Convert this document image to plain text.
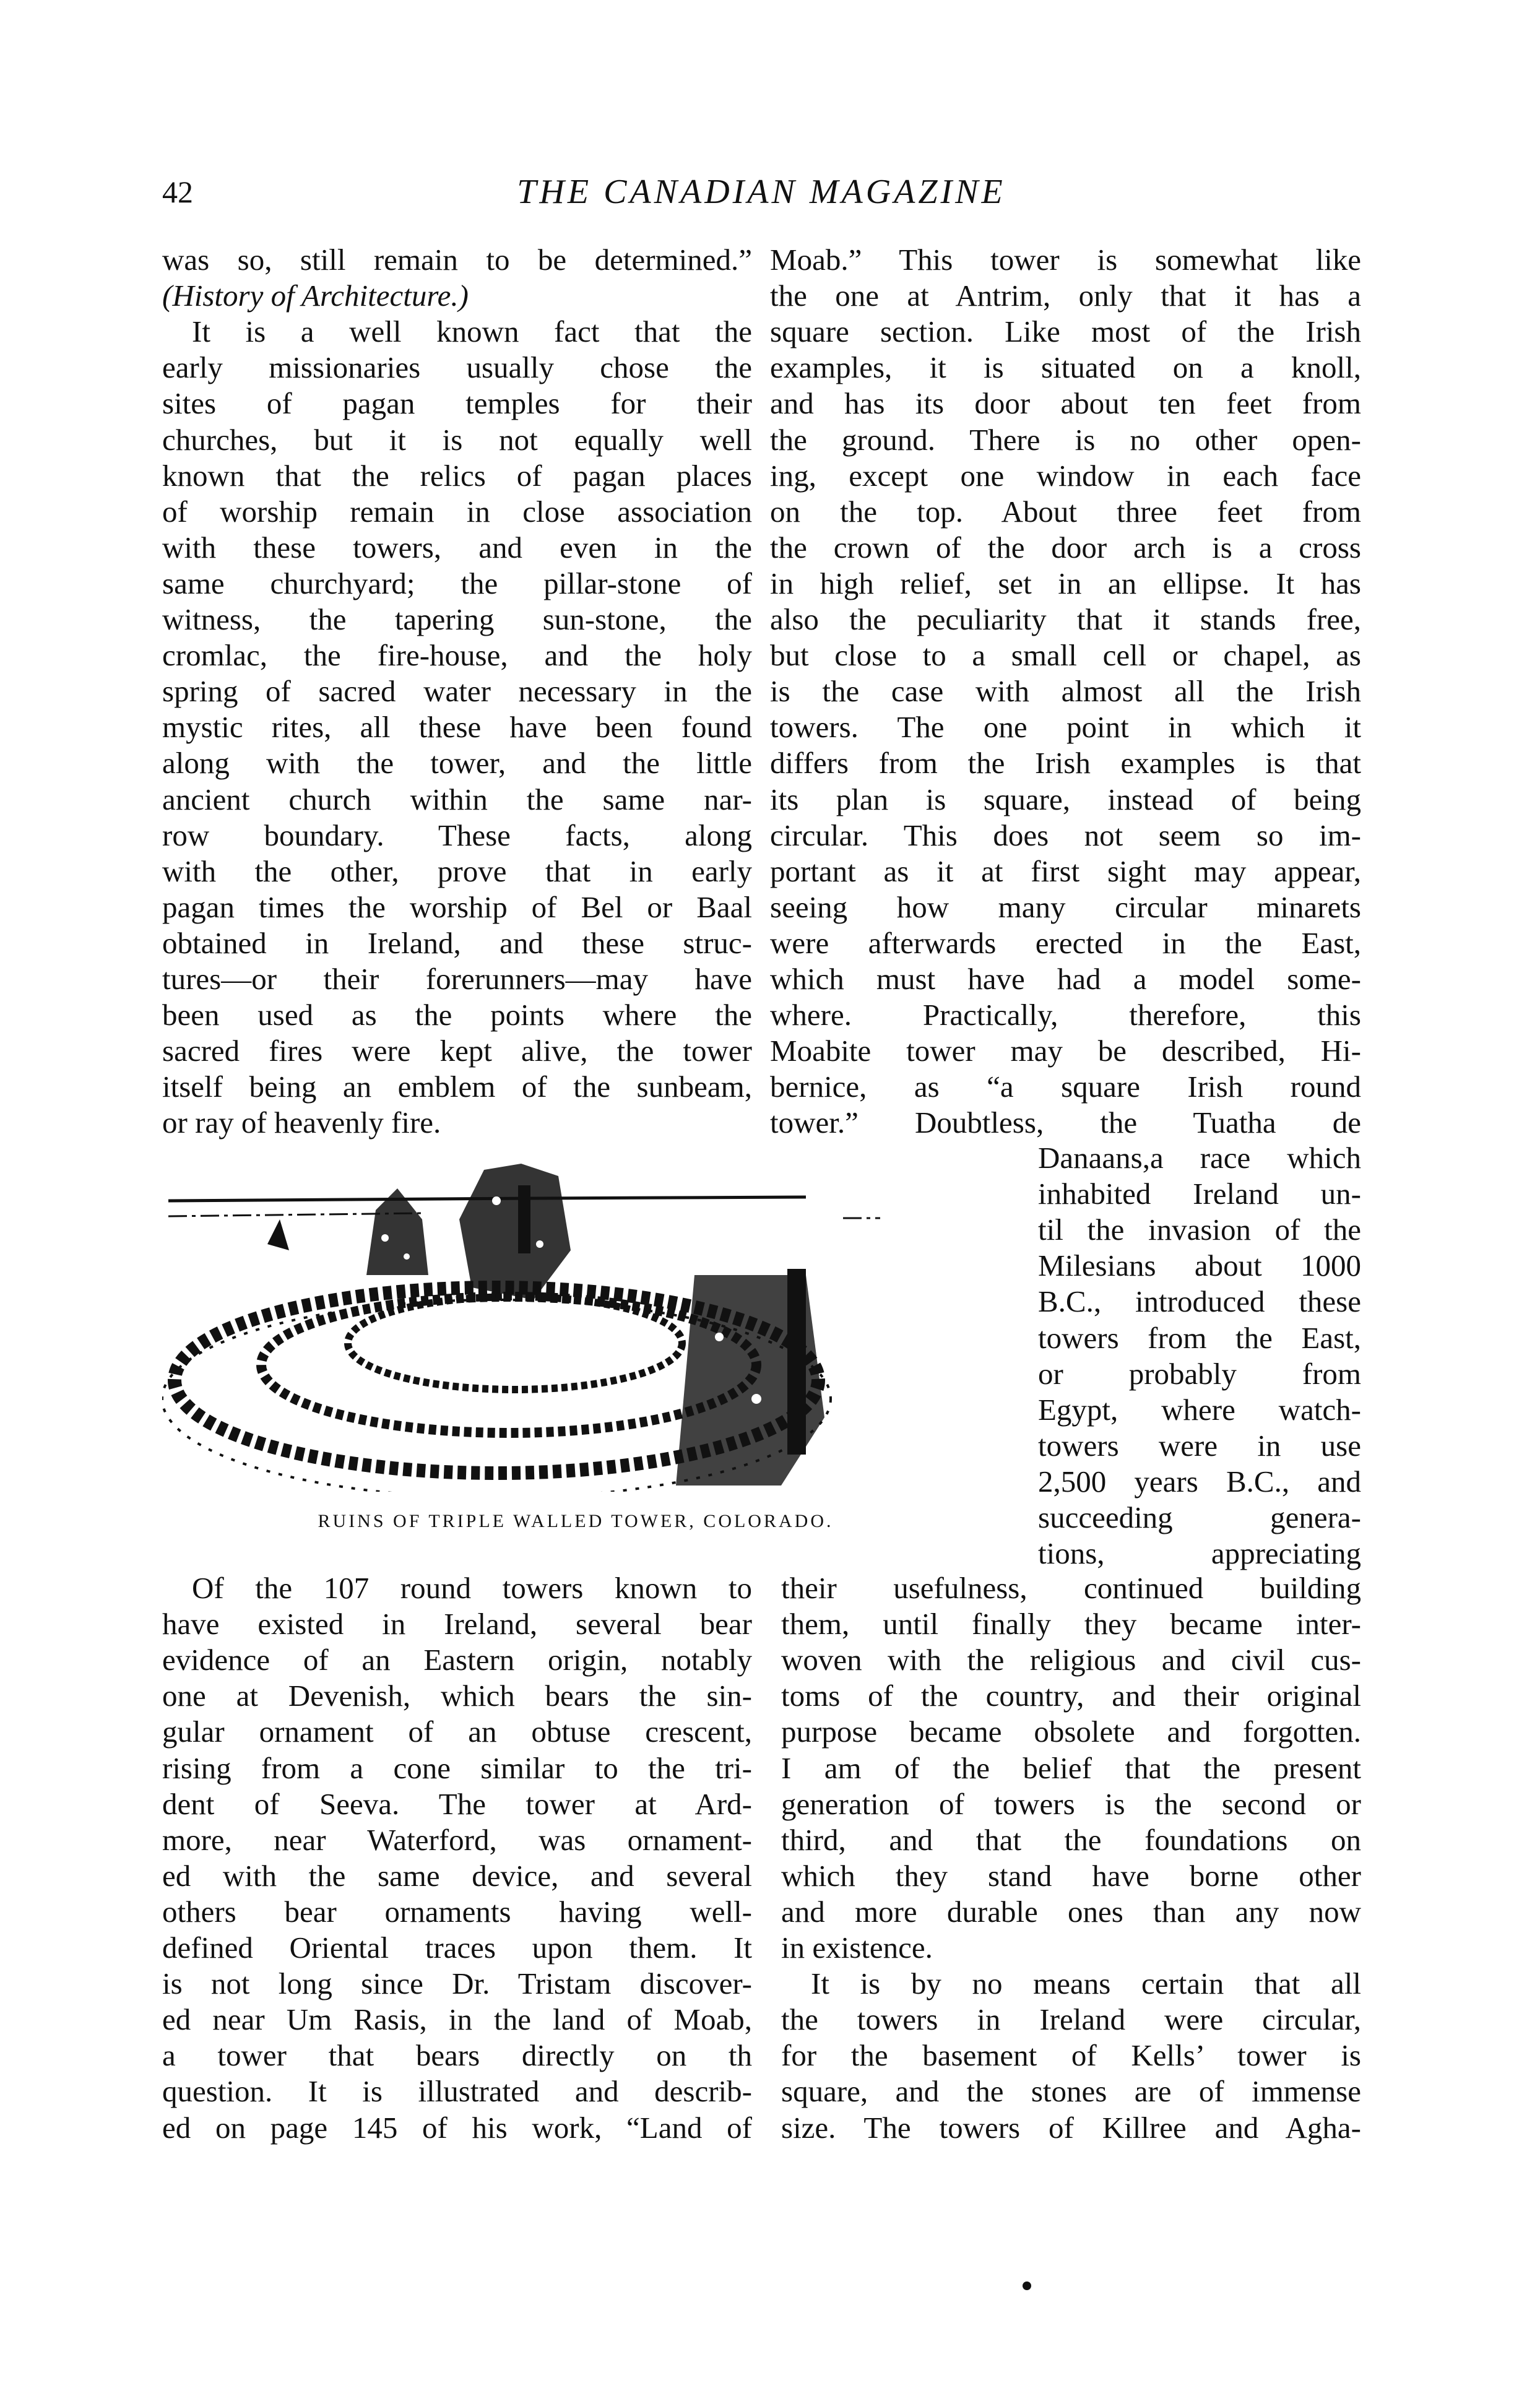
42	THE CANADIAN MAGAZINE
was so, still remain to be determined.”
(History of Architecture.)
It is a well known fact that the
early missionaries usually chose the
sites of pagan temples for their
churches, but it is not equally well
known that the relics of pagan places
of worship remain in close association
with these towers, and even in the
same churchyard; the pillar-stone of
witness, the tapering sun-stone, the
cromlac, the fire-house, and the holy
spring of sacred water necessary in the
mystic rites, all these have been found
along with the tower, and the little
ancient church within the same nar-
row boundary. These facts, along
with the other, prove that in early
pagan times the worship of Bel or Baal
obtained in Ireland, and these struc-
tures—or their forerunners—may have
been used as the points where the
sacred fires were kept alive, the tower
itself being an emblem of the sunbeam,
or ray of heavenly fire.
Moab.” This tower is somewhat like
the one at Antrim, only that it has a
square section. Like most of the Irish
examples, it is situated on a knoll,
and has its door about ten feet from
the ground. There is no other open-
ing, except one window in each face
on the top. About three feet from
the crown of the door arch is a cross
in high relief, set in an ellipse. It has
also the peculiarity that it stands free,
but close to a small cell or chapel, as
is the case with almost all the Irish
towers. The one point in which it
differs from the Irish examples is that
its plan is square, instead of being
circular. This does not seem so im-
portant as it at first sight may appear,
seeing how many circular minarets
were afterwards erected in the East,
which must have had a model some-
where. Practically, therefore, this
Moabite tower may be described, Hi-
bernice, as “a square Irish round
tower.” Doubtless, the Tuatha de
Danaans,a race which
inhabited Ireland un-
til the invasion of the
Milesians about 1000
B.C., introduced these
towers from the East,
or probably from
Egypt, where watch-
towers were in use
2,500 years B.C., and
succeeding genera-
tions, appreciating
Of the 107 round towers known to
have existed in Ireland, several bear
evidence of an Eastern origin, notably
one at Devenish, which bears the sin-
gular ornament of an obtuse crescent,
rising from a cone similar to the tri-
dent of Seeva. The tower at Ard-
more, near Waterford, was ornament-
ed with the same device, and several
others bear ornaments having well-
defined Oriental traces upon them. It
is not long since Dr. Tristam discover-
ed near Um Rasis, in the land of Moab,
a tower that bears directly on th
question. It is illustrated and describ-
ed on page 145 of his work, “Land of
their usefulness, continued building
them, until finally they became inter-
woven with the religious and civil cus-
toms of the country, and their original
purpose became obsolete and forgotten.
I am of the belief that the present
generation of towers is the second or
third, and that the foundations on
which they stand have borne other
and more durable ones than any now
in existence.
It is by no means certain that all
the towers in Ireland were circular,
for the basement of Kells’ tower is
square, and the stones are of immense
size. The towers of Killree and Agha-
RUINS OF TRIPLE WALLED TOWER, COLORADO.
